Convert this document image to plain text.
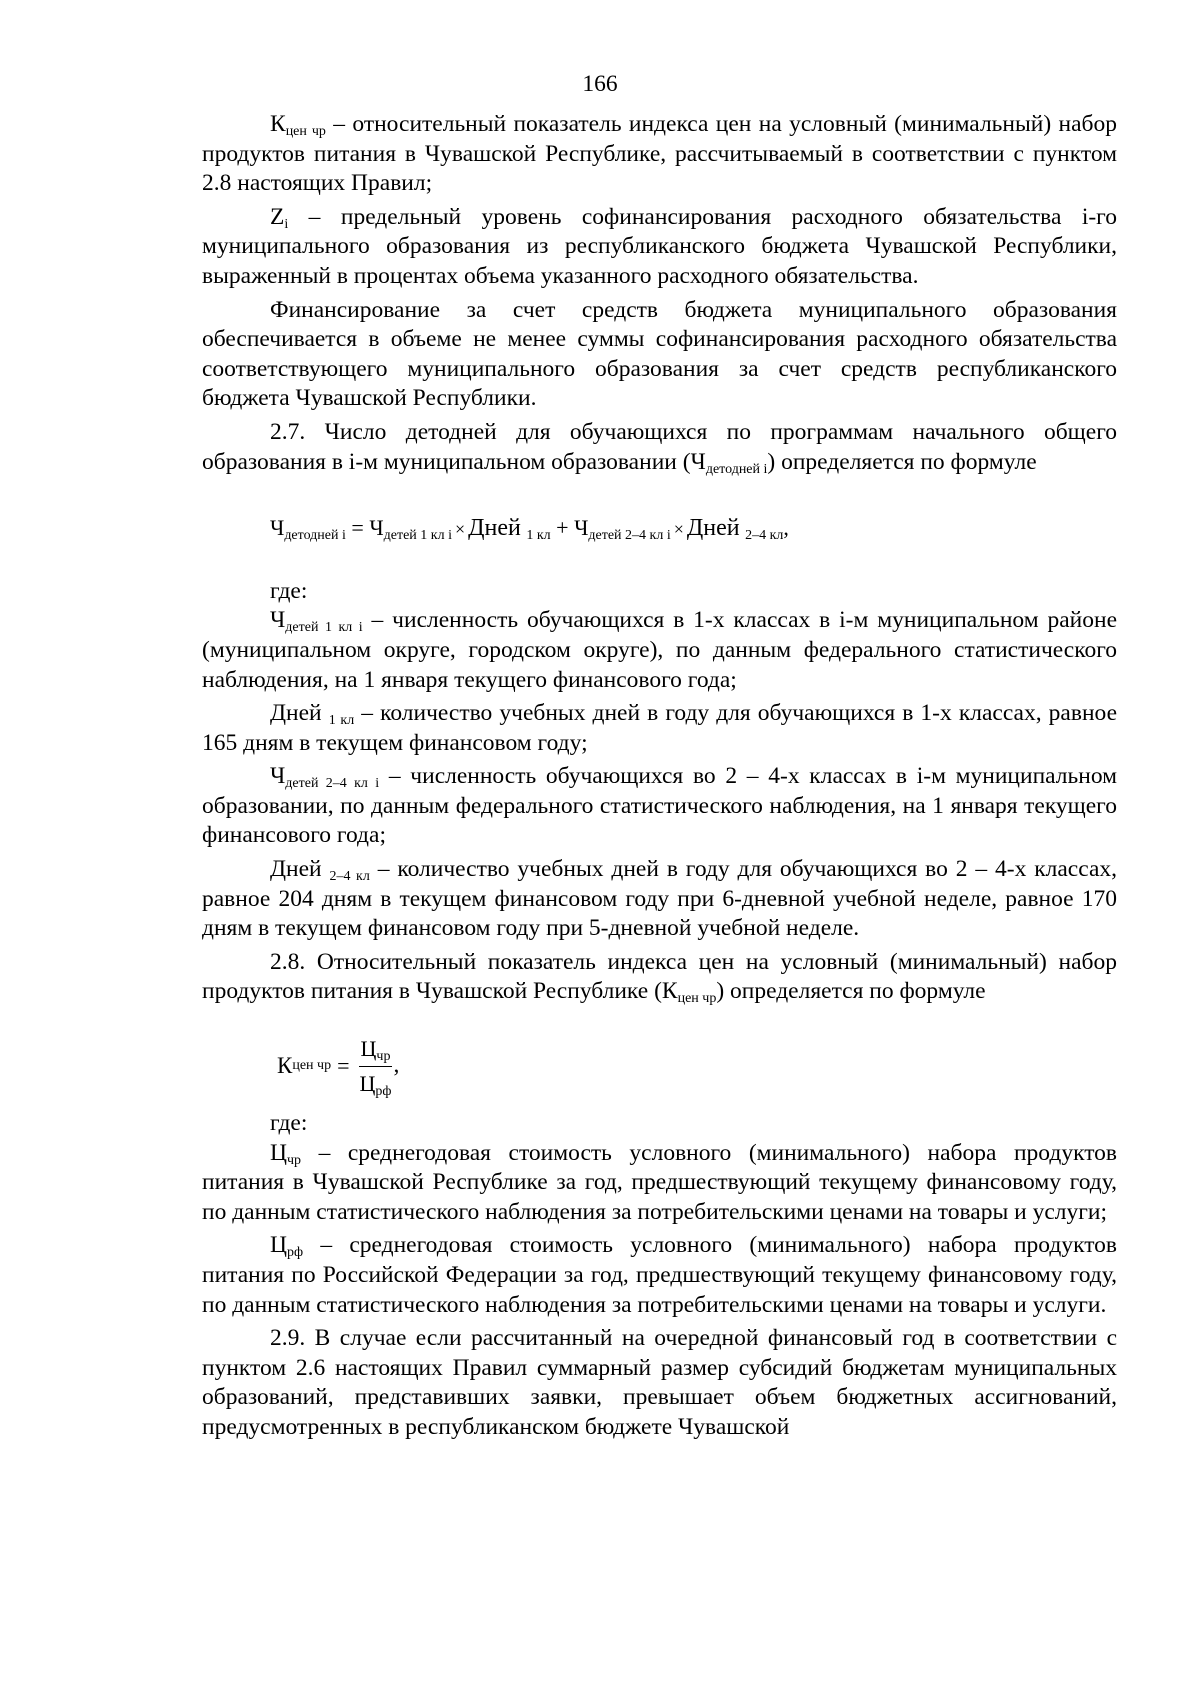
166

$К_{цен чр}$ – относительный показатель индекса цен на условный (минимальный) набор продуктов питания в Чувашской Республике, рассчитываемый в соответствии с пунктом 2.8 настоящих Правил;

$Z_i$ – предельный уровень софинансирования расходного обязательства i-го муниципального образования из республиканского бюджета Чувашской Республики, выраженный в процентах объема указанного расходного обязательства.

Финансирование за счет средств бюджета муниципального образования обеспечивается в объеме не менее суммы софинансирования расходного обязательства соответствующего муниципального образования за счет средств республиканского бюджета Чувашской Республики.

2.7. Число детодней для обучающихся по программам начального общего образования в i-м муниципальном образовании $(Ч_{детодней i})$ определяется по формуле

$Ч_{детодней i} = Ч_{детей 1 кл i}$ × Дней $_{1 кл} + Ч_{детей 2-4 кл i}$ × Дней $_{2-4 кл}$,

где:

$Ч_{детей 1 кл i}$ – численность обучающихся в 1-х классах в i-м муниципальном районе (муниципальном округе, городском округе), по данным федерального статистического наблюдения, на 1 января текущего финансового года;

Дней $_{1 кл}$ – количество учебных дней в году для обучающихся в 1-х классах, равное 165 дням в текущем финансовом году;

$Ч_{детей 2-4 кл i}$ – численность обучающихся во 2 – 4-х классах в i-м муниципальном образовании, по данным федерального статистического наблюдения, на 1 января текущего финансового года;

Дней $_{2-4 кл}$ – количество учебных дней в году для обучающихся во 2 – 4-х классах, равное 204 дням в текущем финансовом году при 6-дневной учебной неделе, равное 170 дням в текущем финансовом году при 5-дневной учебной неделе.

2.8. Относительный показатель индекса цен на условный (минимальный) набор продуктов питания в Чувашской Республике $(К_{цен чр})$ определяется по формуле

К цен чр = $\frac{Ц_{чр}}{Ц_{рф}}$ ,

где:

$Ц_{чр}$ – среднегодовая стоимость условного (минимального) набора продуктов питания в Чувашской Республике за год, предшествующий текущему финансовому году, по данным статистического наблюдения за потребительскими ценами на товары и услуги;

$Ц_{рф}$ – среднегодовая стоимость условного (минимального) набора продуктов питания по Российской Федерации за год, предшествующий текущему финансовому году, по данным статистического наблюдения за потребительскими ценами на товары и услуги.

2.9. В случае если рассчитанный на очередной финансовый год в соответствии с пунктом 2.6 настоящих Правил суммарный размер субсидий бюджетам муниципальных образований, представивших заявки, превышает объем бюджетных ассигнований, предусмотренных в республиканском бюджете Чувашской
